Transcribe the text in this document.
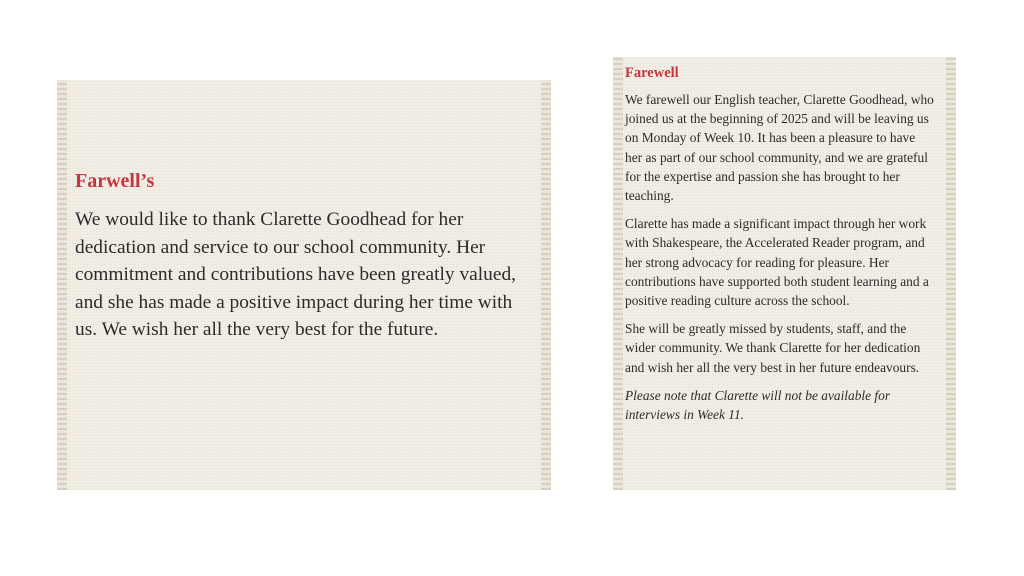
Farwell’s

We would like to thank Clarette Goodhead for her dedication and service to our school community. Her commitment and contributions have been greatly valued, and she has made a positive impact during her time with us. We wish her all the very best for the future.

Farewell

We farewell our English teacher, Clarette Goodhead, who joined us at the beginning of 2025 and will be leaving us on Monday of Week 10. It has been a pleasure to have her as part of our school community, and we are grateful for the expertise and passion she has brought to her teaching.

Clarette has made a significant impact through her work with Shakespeare, the Accelerated Reader program, and her strong advocacy for reading for pleasure. Her contributions have supported both student learning and a positive reading culture across the school.

She will be greatly missed by students, staff, and the wider community. We thank Clarette for her dedication and wish her all the very best in her future endeavours.

Please note that Clarette will not be available for interviews in Week 11.
